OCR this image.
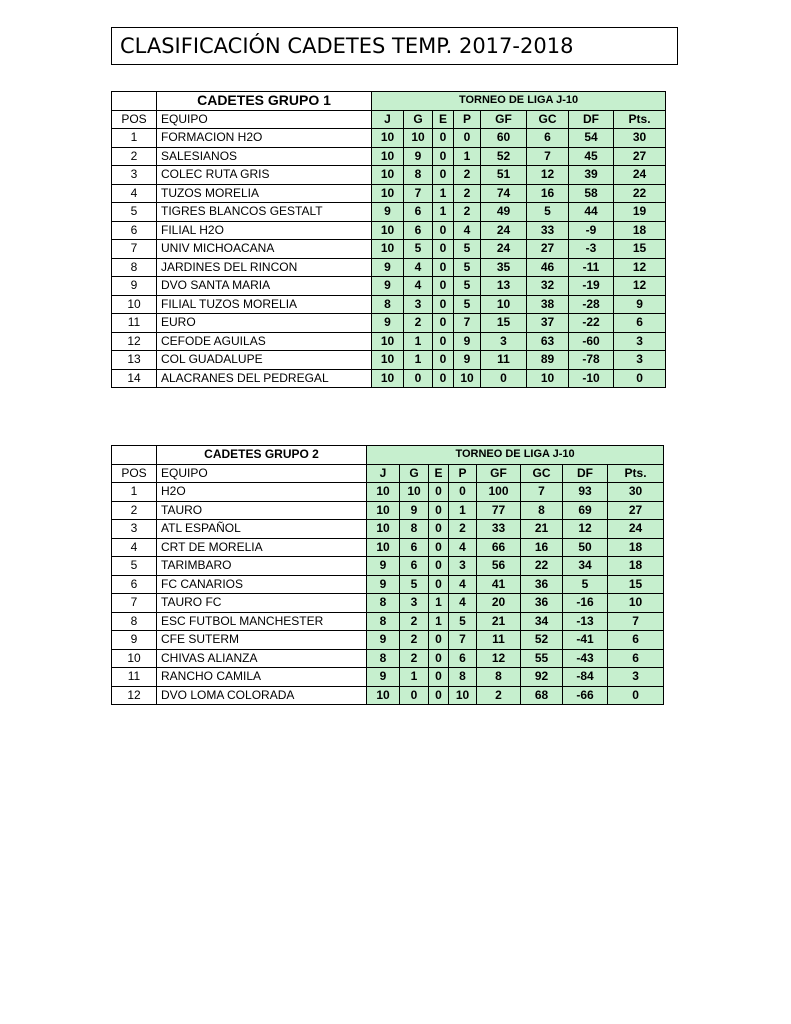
CLASIFICACIÓN CADETES TEMP. 2017-2018
	CADETES GRUPO 1	TORNEO DE LIGA J-10							
POS	EQUIPO	J	G	E	P	GF	GC	DF	Pts.
1	FORMACION H2O	10	10	0	0	60	6	54	30
2	SALESIANOS	10	9	0	1	52	7	45	27
3	COLEC RUTA GRIS	10	8	0	2	51	12	39	24
4	TUZOS MORELIA	10	7	1	2	74	16	58	22
5	TIGRES BLANCOS GESTALT	9	6	1	2	49	5	44	19
6	FILIAL H2O	10	6	0	4	24	33	-9	18
7	UNIV MICHOACANA	10	5	0	5	24	27	-3	15
8	JARDINES DEL RINCON	9	4	0	5	35	46	-11	12
9	DVO SANTA MARIA	9	4	0	5	13	32	-19	12
10	FILIAL TUZOS MORELIA	8	3	0	5	10	38	-28	9
11	EURO	9	2	0	7	15	37	-22	6
12	CEFODE AGUILAS	10	1	0	9	3	63	-60	3
13	COL GUADALUPE	10	1	0	9	11	89	-78	3
14	ALACRANES DEL PEDREGAL	10	0	0	10	0	10	-10	0
	CADETES GRUPO 2	TORNEO DE LIGA J-10							
POS	EQUIPO	J	G	E	P	GF	GC	DF	Pts.
1	H2O	10	10	0	0	100	7	93	30
2	TAURO	10	9	0	1	77	8	69	27
3	ATL ESPAÑOL	10	8	0	2	33	21	12	24
4	CRT DE MORELIA	10	6	0	4	66	16	50	18
5	TARIMBARO	9	6	0	3	56	22	34	18
6	FC CANARIOS	9	5	0	4	41	36	5	15
7	TAURO FC	8	3	1	4	20	36	-16	10
8	ESC FUTBOL MANCHESTER	8	2	1	5	21	34	-13	7
9	CFE SUTERM	9	2	0	7	11	52	-41	6
10	CHIVAS ALIANZA	8	2	0	6	12	55	-43	6
11	RANCHO CAMILA	9	1	0	8	8	92	-84	3
12	DVO LOMA COLORADA	10	0	0	10	2	68	-66	0
